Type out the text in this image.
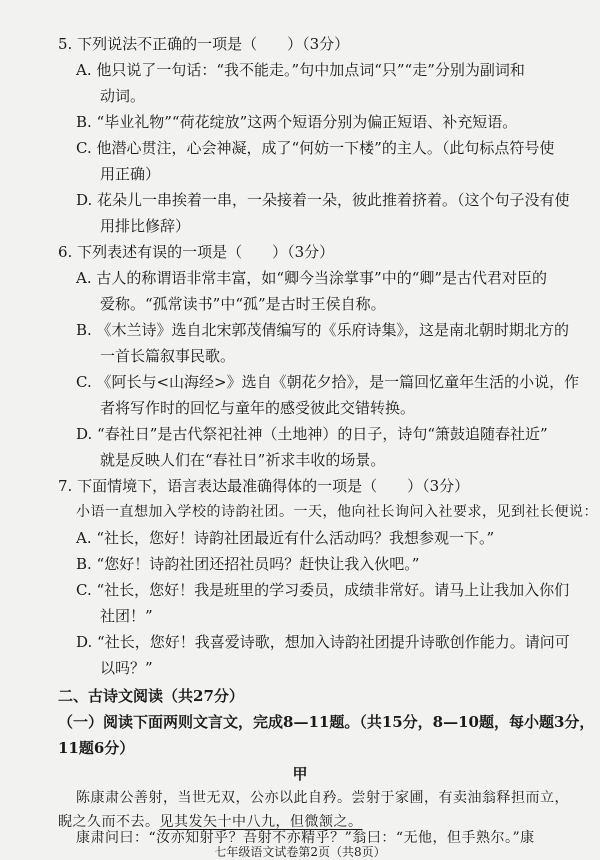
5. 下列说法不正确的一项是（　　）（3分）
A. 他只说了一句话：“我不能走。”句中加点词“只”“走”分别为副词和
动词。
B. “毕业礼物”“荷花绽放”这两个短语分别为偏正短语、补充短语。
C. 他潜心贯注，心会神凝，成了“何妨一下楼”的主人。（此句标点符号使
用正确）
D. 花朵儿一串挨着一串，一朵接着一朵，彼此推着挤着。（这个句子没有使
用排比修辞）
6. 下列表述有误的一项是（　　）（3分）
A. 古人的称谓语非常丰富，如“卿今当涂掌事”中的“卿”是古代君对臣的
爱称。“孤常读书”中“孤”是古时王侯自称。
B. 《木兰诗》选自北宋郭茂倩编写的《乐府诗集》，这是南北朝时期北方的
一首长篇叙事民歌。
C. 《阿长与<山海经>》选自《朝花夕拾》，是一篇回忆童年生活的小说，作
者将写作时的回忆与童年的感受彼此交错转换。
D. “春社日”是古代祭祀社神（土地神）的日子，诗句“箫鼓追随春社近”
就是反映人们在“春社日”祈求丰收的场景。
7. 下面情境下，语言表达最准确得体的一项是（　　）（3分）
小语一直想加入学校的诗韵社团。一天，他向社长询问入社要求，见到社长便说：
A. “社长，您好！诗韵社团最近有什么活动吗？我想参观一下。”
B. “您好！诗韵社团还招社员吗？赶快让我入伙吧。”
C. “社长，您好！我是班里的学习委员，成绩非常好。请马上让我加入你们
社团！”
D. “社长，您好！我喜爱诗歌，想加入诗韵社团提升诗歌创作能力。请问可
以吗？”
二、古诗文阅读（共27分）
（一）阅读下面两则文言文，完成8—11题。（共15分，8—10题，每小题3分，
11题6分）
甲
陈康肃公善射，当世无双，公亦以此自矜。尝射于家圃，有卖油翁释担而立，
睨之久而不去。见其发矢十中八九，但微颔之。
康肃问曰：“汝亦知射乎？吾射不亦精乎？”翁曰：“无他，但手熟尔。”康
七年级语文试卷第2页（共8页）
